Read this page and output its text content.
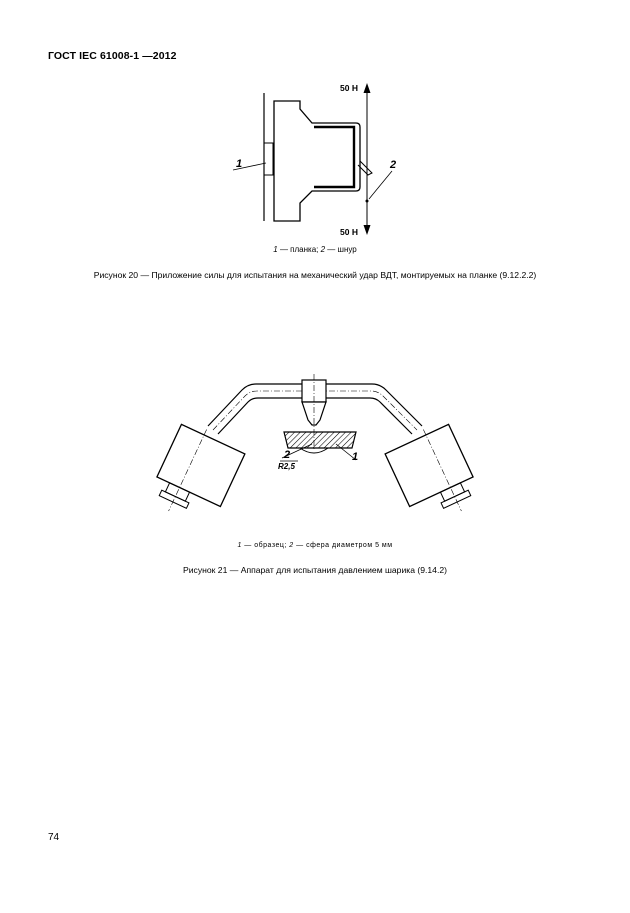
ГОСТ IEC 61008-1 —2012
50 Н
50 Н
1	2
1 — планка; 2 — шнур
Рисунок 20 — Приложение силы для испытания на механический удар ВДТ, монтируемых на планке (9.12.2.2)
2
R2,5
1
1 — образец; 2 — сфера диаметром 5 мм
Рисунок 21 — Аппарат для испытания давлением шарика (9.14.2)
74
